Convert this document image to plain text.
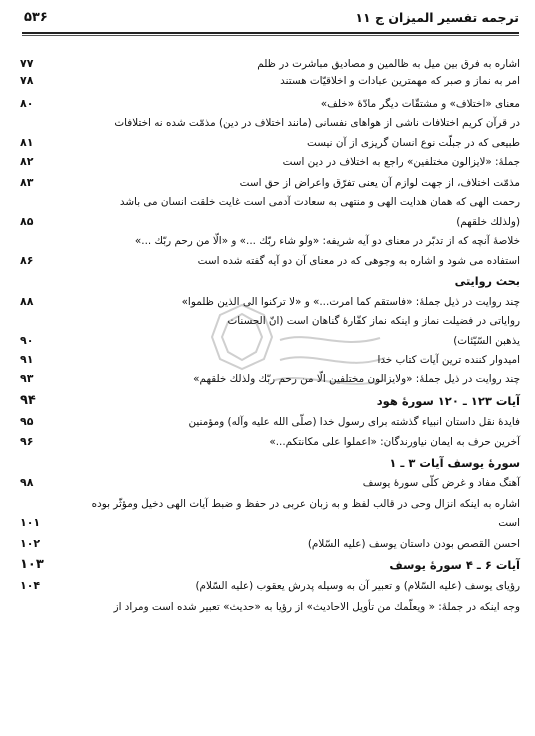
ترجمه تفسیر المیزان ج ۱۱
۵۳۶
اشاره به فرق بین میل به ظالمین و مصادیق مباشرت در ظلم
۷۷
امر به نماز و صبر که مهمترین عبادات و اخلاقیّات هستند
۷۸
معنای «اختلاف» و مشتقّات دیگر مادّهٔ «خلف»
۸۰
در قرآن کریم اختلافات ناشی از هواهای نفسانی (مانند اختلاف در دین) مذمّت شده نه اختلافات
طبیعی که در جبلّت نوع انسان گریزی از آن نیست
۸۱
جملهٔ: «لایزالون مختلفین» راجع به اختلاف در دین است
۸۲
مذمّت اختلاف، از جهت لوازم آن یعنی تفرّق واعراض از حق است
۸۳
رحمت الهی که همان هدایت الهی و منتهی به سعادت آدمی است غایت خلقت انسان می باشد
(ولذلك خلقهم)
۸۵
خلاصهٔ آنچه که از تدبّر در معنای دو آیه شریفه: «ولو شاء ربّك ...» و «الّا من رحم ربّك ...»
استفاده می شود و اشاره به وجوهی که در معنای آن دو آیه گفته شده است
۸۶
بحث روایتی
چند روایت در ذیل جملهٔ: «فاستقم کما امرت...» و «لا ترکنوا الی الذین ظلموا»
۸۸
روایاتی در فضیلت نماز و اینکه نماز کفّارهٔ گناهان است (انّ الحسنات
یذهبن السّیّئات)
۹۰
امیدوار کننده ترین آیات کتاب خدا
۹۱
چند روایت در ذیل جملهٔ: «ولایزالون مختلفین الّا من رحم ربّك ولذلك خلقهم»
۹۳
آیات ۱۲۳ ـ ۱۲۰ سورهٔ هود
۹۴
فایدهٔ نقل داستان انبیاء گذشته برای رسول خدا (صلّی الله علیه وآله) ومؤمنین
۹۵
آخرین حرف به ایمان نیاورندگان: «اعملوا علی مکانتکم...»
۹۶
سورهٔ یوسف آیات ۳ ـ ۱
آهنگ مفاد و غرض کلّی سورهٔ یوسف
۹۸
اشاره به اینکه انزال وحی در قالب لفظ و به زبان عربی در حفظ و ضبط آیات الهی دخیل ومؤثّر بوده
است
۱۰۱
احسن القصص بودن داستان یوسف (علیه السّلام)
۱۰۲
آیات ۶ ـ ۴ سورهٔ یوسف
۱۰۳
رؤیای یوسف (علیه السّلام) و تعبیر آن به وسیله پدرش یعقوب (علیه السّلام)
۱۰۴
وجه اینکه در جملهٔ: « ویعلّمك من تأویل الاحادیث» از رؤیا به «حدیث» تعبیر شده است ومراد از
